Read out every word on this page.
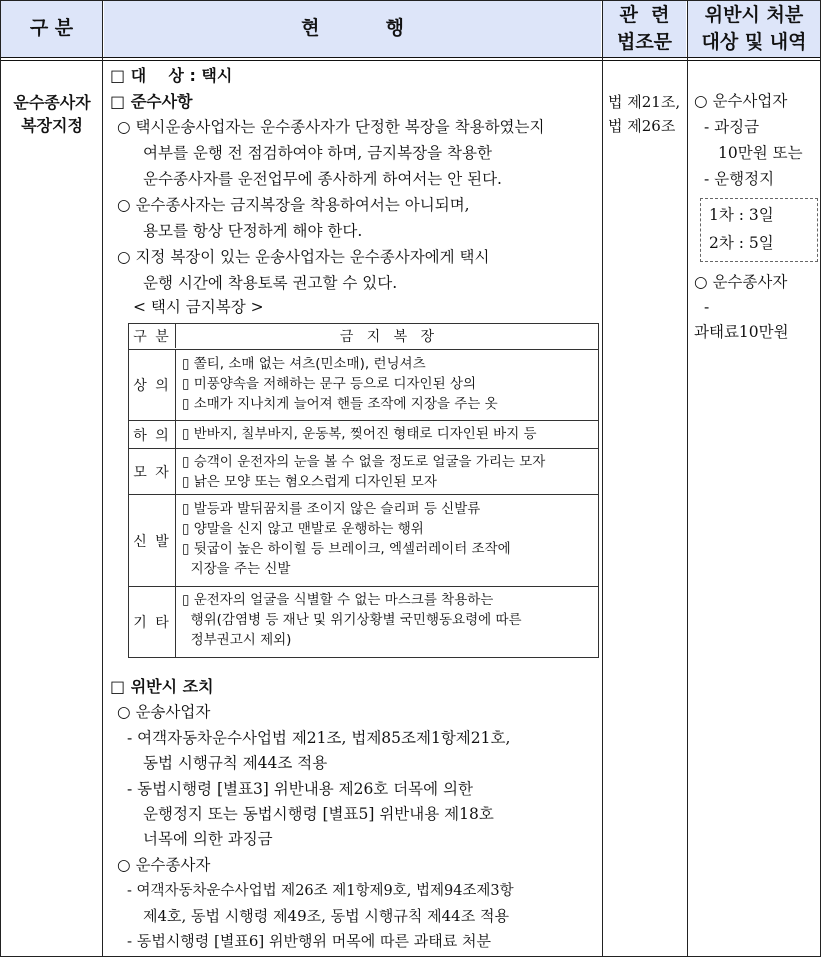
구 분	현          행
관  련
법조문
위반시 처분
대상 및 내역
운수종사자
복장지정
□ 대    상 : 택시
□ 준수사항
○ 택시운송사업자는 운수종사자가 단정한 복장을 착용하였는지
여부를 운행 전 점검하여야 하며, 금지복장을 착용한
운수종사자를 운전업무에 종사하게 하여서는 안 된다.
○ 운수종사자는 금지복장을 착용하여서는 아니되며,
용모를 항상 단정하게 해야 한다.
○ 지정 복장이 있는 운송사업자는 운수종사자에게 택시
운행 시간에 착용토록 권고할 수 있다.
< 택시 금지복장 >
구 분	금   지   복   장
상 의
▯ 쫄티, 소매 없는 셔츠(민소매), 런닝셔츠
▯ 미풍양속을 저해하는 문구 등으로 디자인된 상의
▯ 소매가 지나치게 늘어져 핸들 조작에 지장을 주는 옷
하 의 ▯ 반바지, 칠부바지, 운동복, 찢어진 형태로 디자인된 바지 등
모 자
▯ 승객이 운전자의 눈을 볼 수 없을 정도로 얼굴을 가리는 모자
▯ 낡은 모양 또는 혐오스럽게 디자인된 모자
신 발
▯ 발등과 발뒤꿈치를 조이지 않은 슬리퍼 등 신발류
▯ 양말을 신지 않고 맨발로 운행하는 행위
▯ 뒷굽이 높은 하이힐 등 브레이크, 엑셀러레이터 조작에
지장을 주는 신발
기 타
▯ 운전자의 얼굴을 식별할 수 없는 마스크를 착용하는
행위(감염병 등 재난 및 위기상황별 국민행동요령에 따른
정부권고시 제외)
□ 위반시 조치
○ 운송사업자
- 여객자동차운수사업법 제21조, 법제85조제1항제21호,
동법 시행규칙 제44조 적용
- 동법시행령 [별표3] 위반내용 제26호 더목에 의한
운행정지 또는 동법시행령 [별표5] 위반내용 제18호
너목에 의한 과징금
○ 운수종사자
- 여객자동차운수사업법 제26조 제1항제9호, 법제94조제3항
제4호, 동법 시행령 제49조, 동법 시행규칙 제44조 적용
- 동법시행령 [별표6] 위반행위 머목에 따른 과태료 처분
법 제21조,
법 제26조
○ 운수사업자
- 과징금
10만원 또는
- 운행정지
1차 : 3일
2차 : 5일
○ 운수종사자
-
과태료10만원
